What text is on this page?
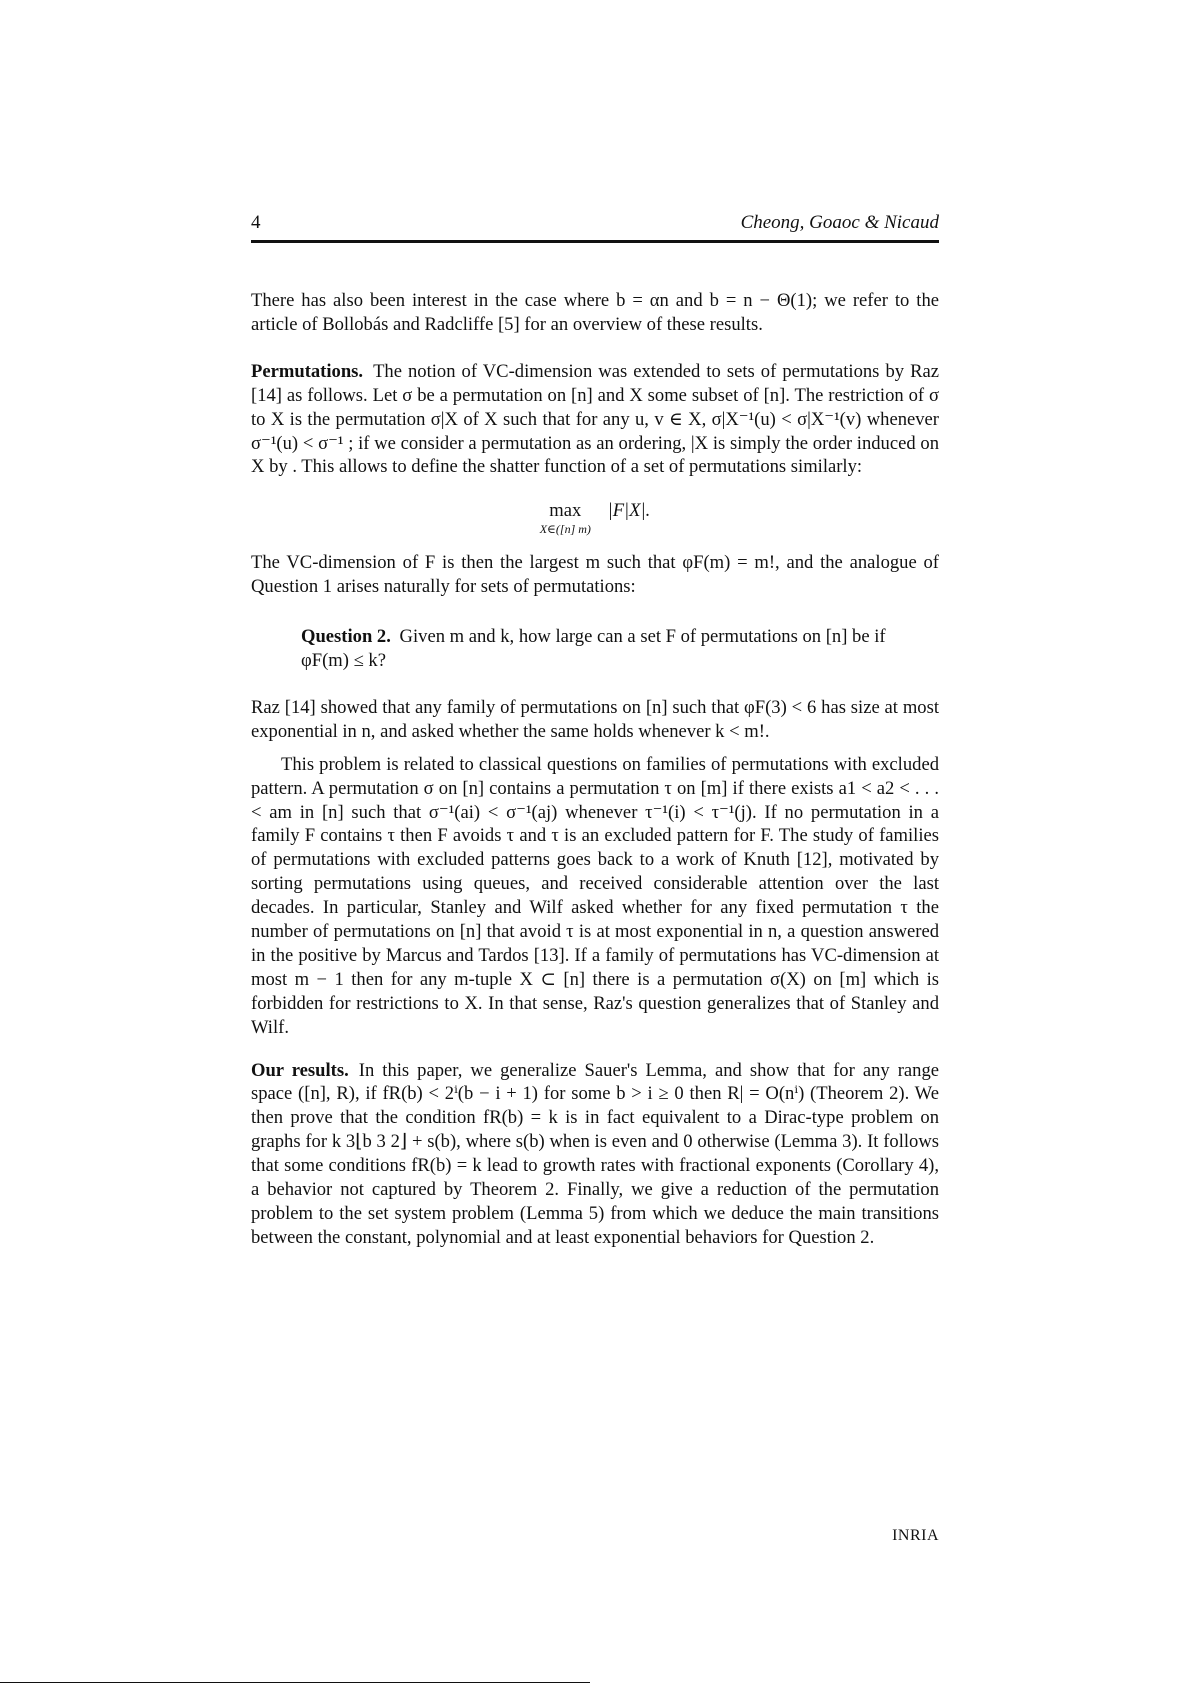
4	Cheong, Goaoc & Nicaud

There has also been interest in the case where b = αn and b = n − Θ(1); we refer to the article of Bollobás and Radcliffe [5] for an overview of these results.

Permutations. The notion of VC-dimension was extended to sets of permutations by Raz [14] as follows. Let σ be a permutation on [n] and X some subset of [n]. The restriction of σ to X is the permutation σ|X of X such that for any u, v ∈ X, σ|X⁻¹(u) < σ|X⁻¹(v) whenever σ⁻¹(u) < σ⁻¹ ; if we consider a permutation as an ordering, |X is simply the order induced on X by . This allows to define the shatter function of a set of permutations similarly:

max
X∈([n] m)
|F|X|.

The VC-dimension of F is then the largest m such that φF(m) = m!, and the analogue of Question 1 arises naturally for sets of permutations:

Question 2. Given m and k, how large can a set F of permutations on [n] be if φF(m) ≤ k?

Raz [14] showed that any family of permutations on [n] such that φF(3) < 6 has size at most exponential in n, and asked whether the same holds whenever k < m!.

This problem is related to classical questions on families of permutations with excluded pattern. A permutation σ on [n] contains a permutation τ on [m] if there exists a1 < a2 < . . . < am in [n] such that σ⁻¹(ai) < σ⁻¹(aj) whenever τ⁻¹(i) < τ⁻¹(j). If no permutation in a family F contains τ then F avoids τ and τ is an excluded pattern for F. The study of families of permutations with excluded patterns goes back to a work of Knuth [12], motivated by sorting permutations using queues, and received considerable attention over the last decades. In particular, Stanley and Wilf asked whether for any fixed permutation τ the number of permutations on [n] that avoid τ is at most exponential in n, a question answered in the positive by Marcus and Tardos [13]. If a family of permutations has VC-dimension at most m − 1 then for any m-tuple X ⊂ [n] there is a permutation σ(X) on [m] which is forbidden for restrictions to X. In that sense, Raz's question generalizes that of Stanley and Wilf.

Our results. In this paper, we generalize Sauer's Lemma, and show that for any range space ([n], R), if fR(b) < 2ⁱ(b − i + 1) for some b > i ≥ 0 then R| = O(nⁱ) (Theorem 2). We then prove that the condition fR(b) = k is in fact equivalent to a Dirac-type problem on graphs for k 3⌊b 3 2⌋ + s(b), where s(b) when is even and 0 otherwise (Lemma 3). It follows that some conditions fR(b) = k lead to growth rates with fractional exponents (Corollary 4), a behavior not captured by Theorem 2. Finally, we give a reduction of the permutation problem to the set system problem (Lemma 5) from which we deduce the main transitions between the constant, polynomial and at least exponential behaviors for Question 2.

INRIA
